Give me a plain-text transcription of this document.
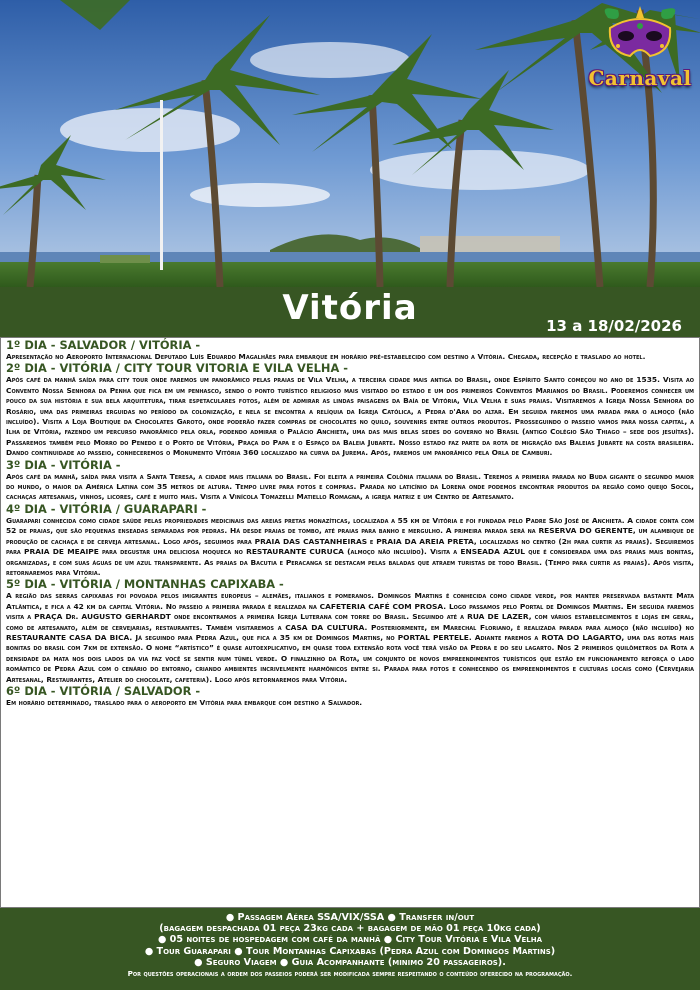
Carnaval
Vitória	13 a 18/02/2026

1º DIA - SALVADOR / VITÓRIA -

Apresentação no Aeroporto Internacional Deputado Luís Eduardo Magalhães para embarque em horário pré-estabelecido com destino a Vitória. Chegada, recepção e traslado ao hotel.

2º DIA - VITÓRIA / CITY TOUR VITORIA E VILA VELHA -

Após café da manhã saída para city tour onde faremos um panorâmico pelas praias de Vila Velha, a terceira cidade mais antiga do Brasil, onde Espírito Santo começou no ano de 1535. Visita ao Convento Nossa Senhora da Penha que fica em um penhasco, sendo o ponto turístico religioso mais visitado do estado e um dos primeiros Conventos Marianos do Brasil. Poderemos conhecer um pouco da sua história e sua bela arquitetura, tirar espetaculares fotos, além de admirar as lindas paisagens da Baía de Vitória, Vila Velha e suas praias. Visitaremos a Igreja Nossa Senhora do Rosário, uma das primeiras erguidas no período da colonização, e nela se encontra a relíquia da Igreja Católica, a Pedra d'Ara do altar. Em seguida faremos uma parada para o almoço (não incluído). Visita a Loja Boutique da Chocolates Garoto, onde poderão fazer compras de chocolates no quilo, souvenirs entre outros produtos. Prosseguindo o passeio vamos para nossa capital, a Ilha de Vitória, fazendo um percurso panorâmico pela orla, podendo admirar o Palácio Anchieta, uma das mais belas sedes do governo no Brasil (antigo Colégio São Thiago – sede dos jesuítas). Passaremos também pelo Morro do Penedo e o Porto de Vitória, Praça do Papa e o Espaço da Baleia Jubarte. Nosso estado faz parte da rota de migração das Baleias Jubarte na costa brasileira. Dando continuidade ao passeio, conheceremos o Monumento Vitória 360 localizado na curva da Jurema. Após, faremos um panorâmico pela Orla de Camburi.

3º DIA - VITÓRIA -

Após café da manhã, saída para visita a Santa Teresa, a cidade mais italiana do Brasil. Foi eleita a primeira Colônia italiana do Brasil. Teremos a primeira parada no Buda gigante o segundo maior do mundo, o maior da América Latina com 35 metros de altura. Tempo livre para fotos e compras. Parada no laticínio da Lorena onde podemos encontrar produtos da região como queijo Socol, cachaças artesanais, vinhos, licores, café e muito mais. Visita a Vinícola Tomazelli Matiello Romagna, a igreja matriz e um Centro de Artesanato.

4º DIA - VITÓRIA / GUARAPARI -

Guarapari conhecida como cidade saúde pelas propriedades medicinais das areias pretas monazíticas, localizada a 55 km de Vitória e foi fundada pelo Padre São José de Anchieta. A cidade conta com 52 de praias, que são pequenas enseadas separadas por pedras. Há desde praias de tombo, até praias para banho e mergulho. A primeira parada será na RESERVA DO GERENTE, um alambique de produção de cachaça e de cerveja artesanal. Logo após, seguimos para PRAIA DAS CASTANHEIRAS e PRAIA DA AREIA PRETA, localizadas no centro (2h para curtir as praias). Seguiremos para PRAIA DE MEAIPE para degustar uma deliciosa moqueca no RESTAURANTE CURUCA (almoço não incluído). Visita a ENSEADA AZUL que é considerada uma das praias mais bonitas, organizadas, e com suas águas de um azul transparente. As praias da Bacutia e Peracanga se destacam pelas baladas que atraem turistas de todo Brasil. (Tempo para curtir as praias). Após visita, retornaremos para Vitória.

5º DIA - VITÓRIA / MONTANHAS CAPIXABA -

A região das serras capixabas foi povoada pelos imigrantes europeus – alemães, italianos e pomeranos. Domingos Martins é conhecida como cidade verde, por manter preservada bastante Mata Atlântica, e fica a 42 km da capital Vitória. No passeio a primeira parada é realizada na CAFETERIA CAFÉ COM PROSA. Logo passamos pelo Portal de Domingos Martins. Em seguida faremos visita a PRAÇA Dr. AUGUSTO GERHARDT onde encontramos a primeira Igreja Luterana com torre do Brasil. Seguindo até a RUA DE LAZER, com vários estabelecimentos e lojas em geral, como de artesanato, além de cervejarias, restaurantes. Também visitaremos a CASA DA CULTURA. Posteriormente, em Marechal Floriano, é realizada parada para almoço (não incluído) no RESTAURANTE CASA DA BICA. Já seguindo para Pedra Azul, que fica a 35 km de Domingos Martins, no PORTAL PERTELE. Adiante faremos a ROTA DO LAGARTO, uma das rotas mais bonitas do brasil com 7km de extensão. O nome “artístico” é quase autoexplicativo, em quase toda extensão rota você terá visão da Pedra e do seu lagarto. Nos 2 primeiros quilômetros da Rota a densidade da mata nos dois lados da via faz você se sentir num túnel verde. O finalzinho da Rota, um conjunto de novos empreendimentos turísticos que estão em funcionamento reforça o lado romântico de Pedra Azul com o cenário do entorno, criando ambientes incrivelmente harmônicos entre si. Parada para fotos e conhecendo os empreendimentos e culturas locais como (Cervejaria Artesanal, Restaurantes, Atelier do chocolate, cafeteria). Logo após retornaremos para Vitória.

6º DIA - VITÓRIA / SALVADOR -

Em horário determinado, traslado para o aeroporto em Vitória para embarque com destino a Salvador.

● Passagem Aérea SSA/VIX/SSA ● Transfer in/out
(bagagem despachada 01 peça 23kg cada + bagagem de mão 01 peça 10kg cada)
● 05 noites de hospedagem com café da manhã ● City Tour Vitória e Vila Velha
● Tour Guarapari ● Tour Montanhas Capixabas (Pedra Azul com Domingos Martins)
● Seguro Viagem ● Guia Acompanhante (minimo 20 passageiros).
Por questões operacionais a ordem dos passeios poderá ser modificada sempre respeitando o conteúdo oferecido na programação.
